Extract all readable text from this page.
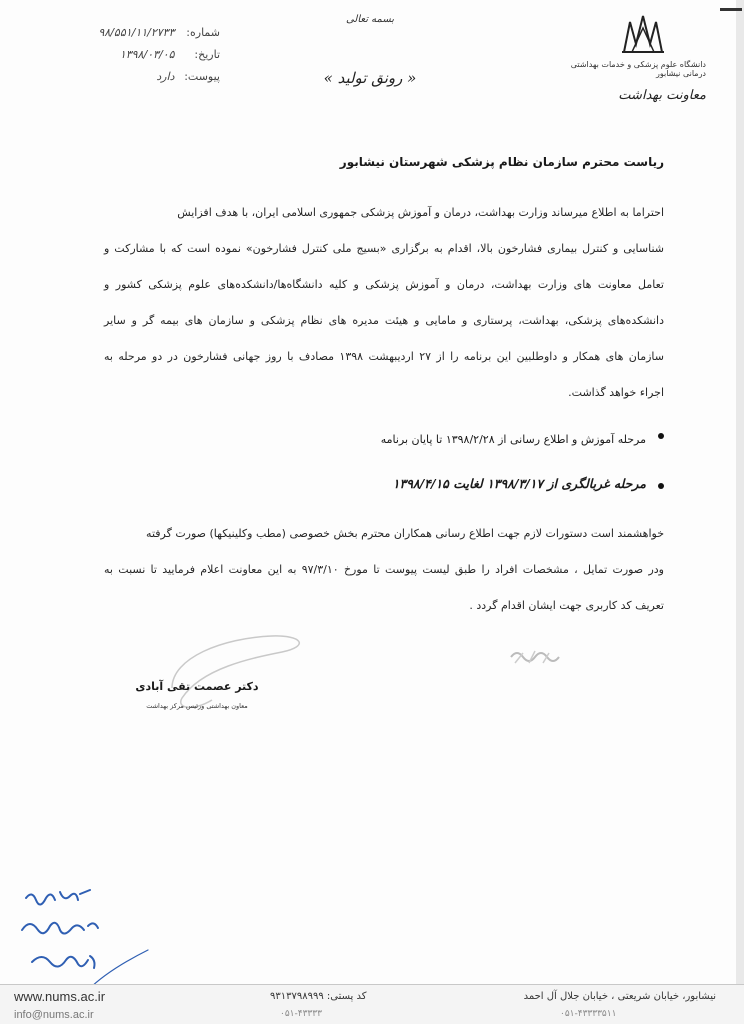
شماره: ۹۸/۵۵۱/۱۱/۲۷۳۳
تاریخ: ۱۳۹۸/۰۳/۰۵
پیوست: دارد
بسمه تعالی
« رونق تولید »
دانشگاه علوم پزشکی و خدمات بهداشتی درمانی نیشابور
معاونت بهداشت
ریاست محترم سازمان نظام پزشکی شهرستان نیشابور
احتراما به اطلاع میرساند وزارت بهداشت، درمان و آموزش پزشکی جمهوری اسلامی ایران، با هدف افزایش
شناسایی و کنترل بیماری فشارخون بالا، اقدام به برگزاری «بسیج ملی کنترل فشارخون» نموده است که با مشارکت و
تعامل معاونت های وزارت بهداشت، درمان و آموزش پزشکی و کلیه دانشگاه‌ها/دانشکده‌های علوم پزشکی کشور و
دانشکده‌های پزشکی، بهداشت، پرستاری و مامایی و هیئت مدیره های نظام پزشکی و سازمان های بیمه گر و سایر
سازمان های همکار و داوطلبین این برنامه را از ۲۷ اردیبهشت ۱۳۹۸ مصادف با روز جهانی فشارخون در دو مرحله به
اجراء خواهد گذاشت.
مرحله آموزش و اطلاع رسانی از ۱۳۹۸/۲/۲۸ تا پایان برنامه
مرحله غربالگری از ۱۳۹۸/۳/۱۷ لغایت ۱۳۹۸/۴/۱۵
خواهشمند است دستورات لازم جهت اطلاع رسانی همکاران محترم بخش خصوصی (مطب وکلینیکها) صورت گرفته
ودر صورت تمایل ، مشخصات افراد را طبق لیست پیوست تا مورخ ۹۷/۳/۱۰ به این معاونت اعلام فرمایید تا نسبت به
تعریف کد کاربری جهت ایشان اقدام گردد .
دکتر عصمت تقی آبادی
معاون بهداشتی ورئیس مرکز بهداشت
www.nums.ac.ir
info@nums.ac.ir
کد پستی: ۹۳۱۳۷۹۸۹۹۹	نیشابور، خیابان شریعتی ، خیابان جلال آل احمد
۰۵۱-۴۳۳۳۳	۰۵۱-۴۳۳۳۳۵۱۱
